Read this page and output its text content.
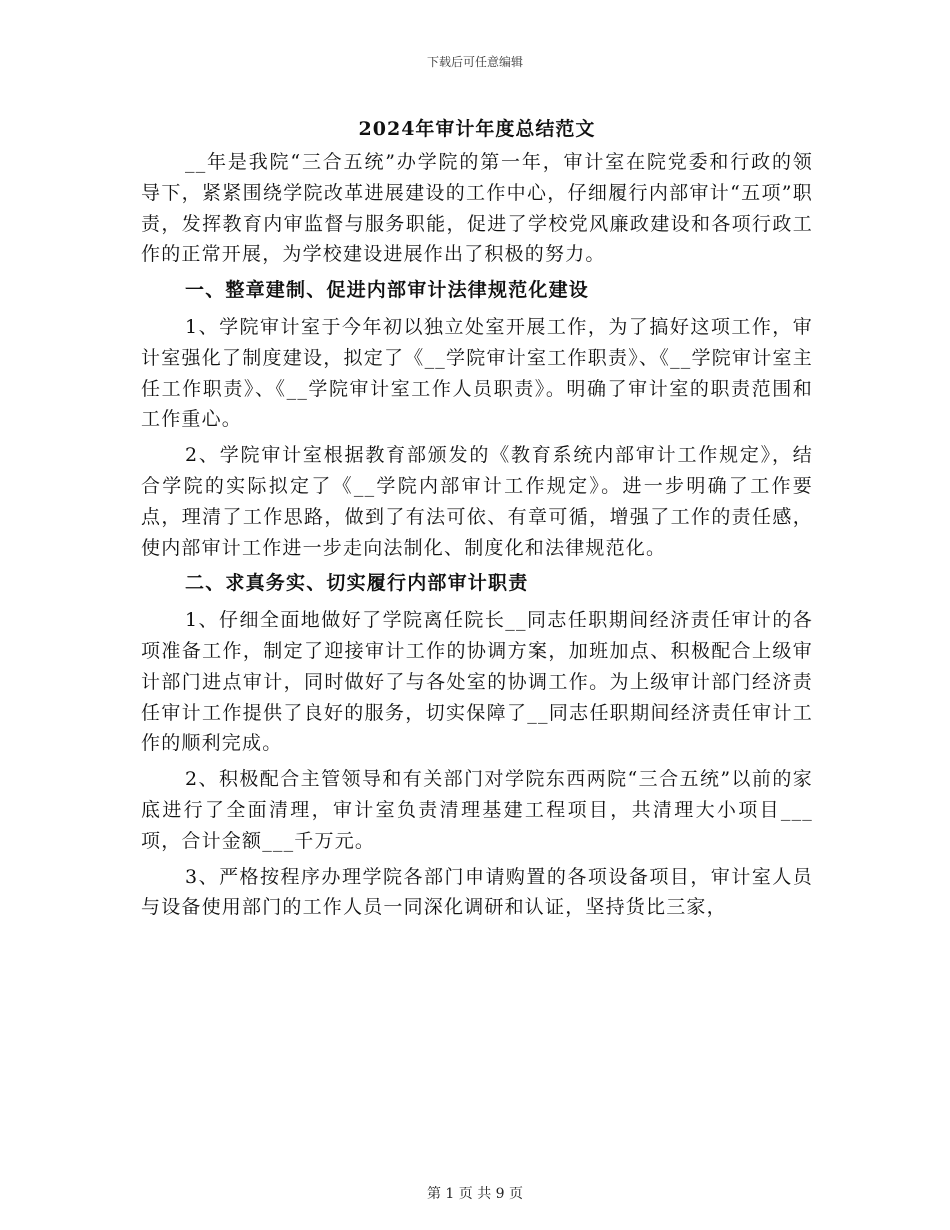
下载后可任意编辑
2024年审计年度总结范文

__年是我院“三合五统”办学院的第一年，审计室在院党委和行政的领导下，紧紧围绕学院改革进展建设的工作中心，仔细履行内部审计“五项”职责，发挥教育内审监督与服务职能，促进了学校党风廉政建设和各项行政工作的正常开展，为学校建设进展作出了积极的努力。

一、整章建制、促进内部审计法律规范化建设

1、学院审计室于今年初以独立处室开展工作，为了搞好这项工作，审计室强化了制度建设，拟定了《__学院审计室工作职责》、《__学院审计室主任工作职责》、《__学院审计室工作人员职责》。明确了审计室的职责范围和工作重心。

2、学院审计室根据教育部颁发的《教育系统内部审计工作规定》，结合学院的实际拟定了《__学院内部审计工作规定》。进一步明确了工作要点，理清了工作思路，做到了有法可依、有章可循，增强了工作的责任感，使内部审计工作进一步走向法制化、制度化和法律规范化。

二、求真务实、切实履行内部审计职责

1、仔细全面地做好了学院离任院长__同志任职期间经济责任审计的各项准备工作，制定了迎接审计工作的协调方案，加班加点、积极配合上级审计部门进点审计，同时做好了与各处室的协调工作。为上级审计部门经济责任审计工作提供了良好的服务，切实保障了__同志任职期间经济责任审计工作的顺利完成。

2、积极配合主管领导和有关部门对学院东西两院“三合五统”以前的家底进行了全面清理，审计室负责清理基建工程项目，共清理大小项目___项，合计金额___千万元。

3、严格按程序办理学院各部门申请购置的各项设备项目，审计室人员与设备使用部门的工作人员一同深化调研和认证，坚持货比三家，

第 1 页 共 9 页
